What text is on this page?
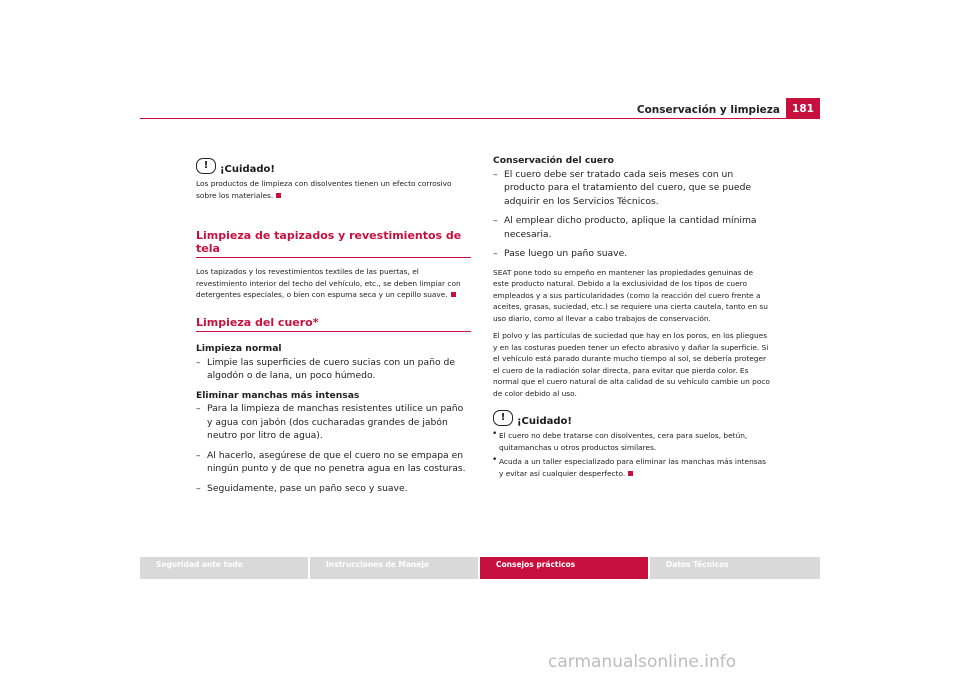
Conservación y limpieza	181
!	¡Cuidado!
Los productos de limpieza con disolventes tienen un efecto corrosivo sobre los materiales.
Limpieza de tapizados y revestimientos de tela
Los tapizados y los revestimientos textiles de las puertas, el revestimiento interior del techo del vehículo, etc., se deben limpiar con detergentes especiales, o bien con espuma seca y un cepillo suave.
Limpieza del cuero*
Limpieza normal
– Limpie las superficies de cuero sucias con un paño de algodón o de lana, un poco húmedo.
Eliminar manchas más intensas
– Para la limpieza de manchas resistentes utilice un paño y agua con jabón (dos cucharadas grandes de jabón neutro por litro de agua).
– Al hacerlo, asegúrese de que el cuero no se empapa en ningún punto y de que no penetra agua en las costuras.
– Seguidamente, pase un paño seco y suave.
Conservación del cuero
– El cuero debe ser tratado cada seis meses con un producto para el tratamiento del cuero, que se puede adquirir en los Servicios Técnicos.
– Al emplear dicho producto, aplique la cantidad mínima necesaria.
– Pase luego un paño suave.

SEAT pone todo su empeño en mantener las propiedades genuinas de este producto natural. Debido a la exclusividad de los tipos de cuero empleados y a sus particularidades (como la reacción del cuero frente a aceites, grasas, suciedad, etc.) se requiere una cierta cautela, tanto en su uso diario, como al llevar a cabo trabajos de conservación.

El polvo y las partículas de suciedad que hay en los poros, en los pliegues y en las costuras pueden tener un efecto abrasivo y dañar la superficie. Si el vehículo está parado durante mucho tiempo al sol, se debería proteger el cuero de la radiación solar directa, para evitar que pierda color. Es normal que el cuero natural de alta calidad de su vehículo cambie un poco de color debido al uso.

!	¡Cuidado!
• El cuero no debe tratarse con disolventes, cera para suelos, betún, quitamanchas u otros productos similares.
• Acuda a un taller especializado para eliminar las manchas más intensas y evitar así cualquier desperfecto.
Seguridad ante todo	Instrucciones de Manejo	Consejos prácticos	Datos Técnicos
carmanualsonline.info
